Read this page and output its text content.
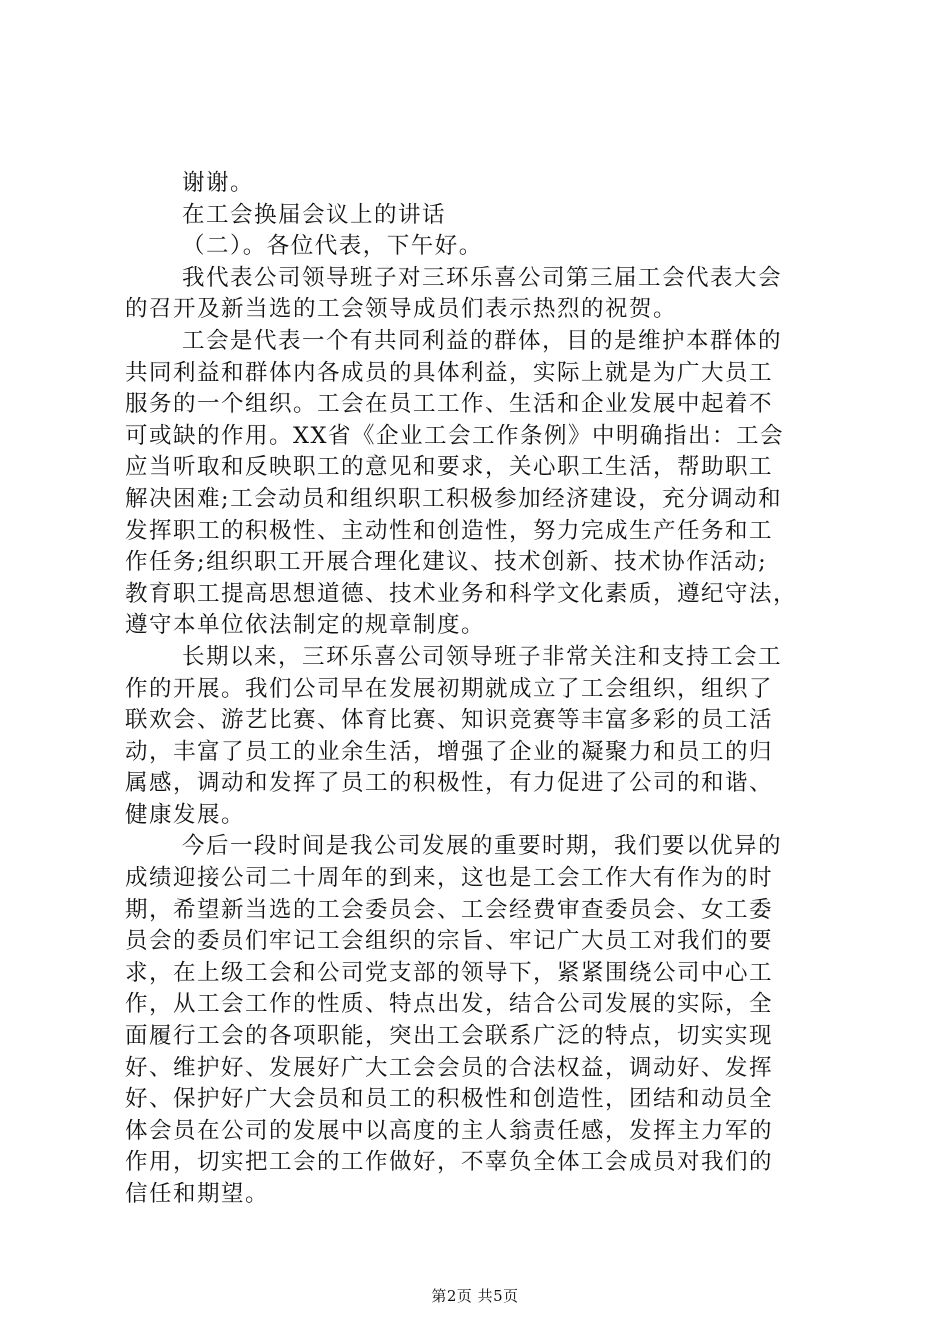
谢谢。
在工会换届会议上的讲话
（二）。各位代表，下午好。
我代表公司领导班子对三环乐喜公司第三届工会代表大会
的召开及新当选的工会领导成员们表示热烈的祝贺。
工会是代表一个有共同利益的群体，目的是维护本群体的
共同利益和群体内各成员的具体利益，实际上就是为广大员工
服务的一个组织。工会在员工工作、生活和企业发展中起着不
可或缺的作用。XX省《企业工会工作条例》中明确指出：工会
应当听取和反映职工的意见和要求，关心职工生活，帮助职工
解决困难;工会动员和组织职工积极参加经济建设，充分调动和
发挥职工的积极性、主动性和创造性，努力完成生产任务和工
作任务;组织职工开展合理化建议、技术创新、技术协作活动;
教育职工提高思想道德、技术业务和科学文化素质，遵纪守法，
遵守本单位依法制定的规章制度。
长期以来，三环乐喜公司领导班子非常关注和支持工会工
作的开展。我们公司早在发展初期就成立了工会组织，组织了
联欢会、游艺比赛、体育比赛、知识竞赛等丰富多彩的员工活
动，丰富了员工的业余生活，增强了企业的凝聚力和员工的归
属感，调动和发挥了员工的积极性，有力促进了公司的和谐、
健康发展。
今后一段时间是我公司发展的重要时期，我们要以优异的
成绩迎接公司二十周年的到来，这也是工会工作大有作为的时
期，希望新当选的工会委员会、工会经费审查委员会、女工委
员会的委员们牢记工会组织的宗旨、牢记广大员工对我们的要
求，在上级工会和公司党支部的领导下，紧紧围绕公司中心工
作，从工会工作的性质、特点出发，结合公司发展的实际，全
面履行工会的各项职能，突出工会联系广泛的特点，切实实现
好、维护好、发展好广大工会会员的合法权益，调动好、发挥
好、保护好广大会员和员工的积极性和创造性，团结和动员全
体会员在公司的发展中以高度的主人翁责任感，发挥主力军的
作用，切实把工会的工作做好，不辜负全体工会成员对我们的
信任和期望。
第2页 共5页
